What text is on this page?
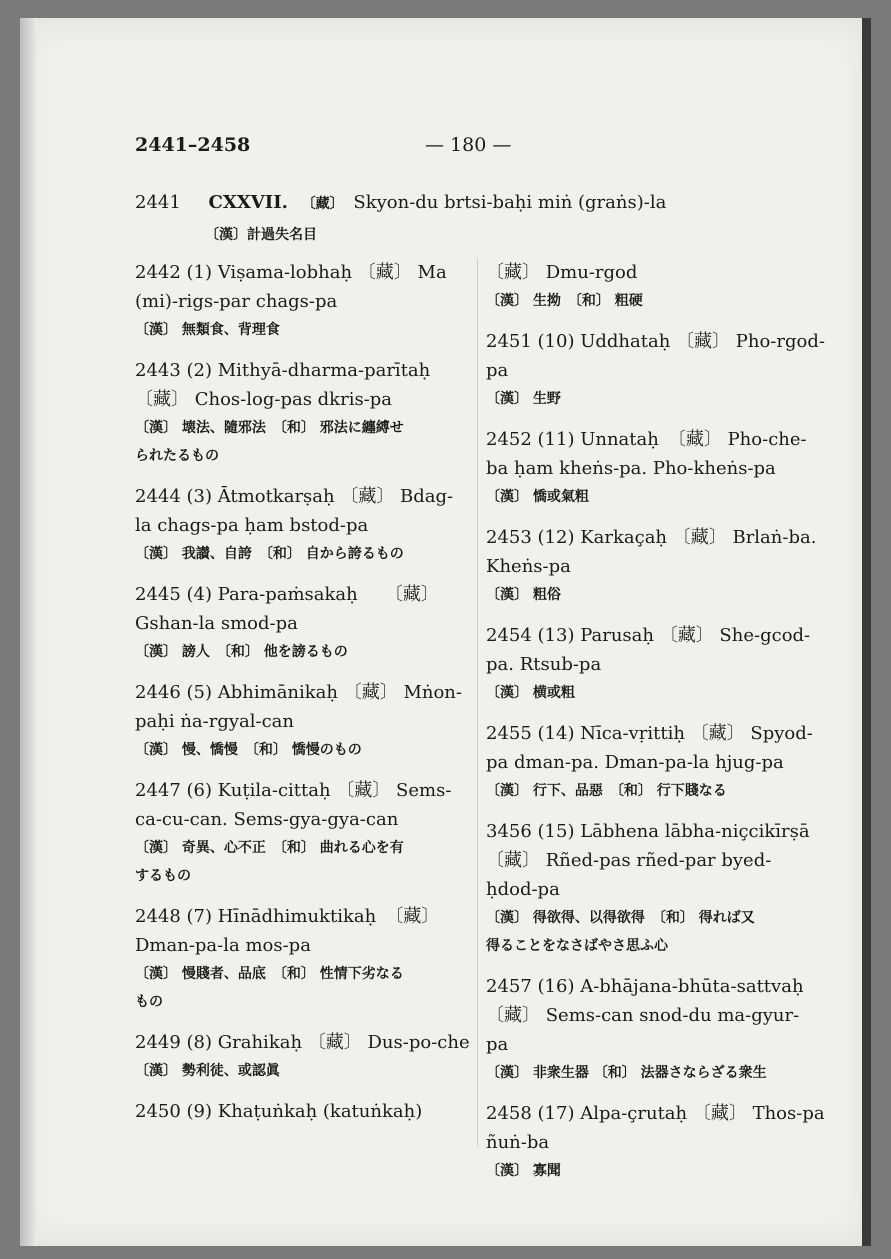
2441–2458	— 180 —
2441 CXXVII. 〔藏〕 Skyon-du brtsi-baḥi miṅ (graṅs)-la
〔漢〕計過失名目
2442 (1) Viṣama-lobhaḥ 〔藏〕 Ma
(mi)-rigs-par chags-pa
〔漢〕 無類食、背理食
2443 (2) Mithyā-dharma-parītaḥ
〔藏〕 Chos-log-pas dkris-pa
〔漢〕 壊法、隨邪法　〔和〕 邪法に纏縛せ
られたるもの
2444 (3) Ātmotkarṣaḥ 〔藏〕 Bdag-
la chags-pa ḥam bstod-pa
〔漢〕 我讃、自誇　〔和〕 自から誇るもの
2445 (4) Para-paṁsakaḥ　　〔藏〕
Gshan-la smod-pa
〔漢〕 謗人　〔和〕 他を謗るもの
2446 (5) Abhimānikaḥ 〔藏〕 Mṅon-
paḥi ṅa-rgyal-can
〔漢〕 慢、憍慢　〔和〕 憍慢のもの
2447 (6) Kuṭila-cittaḥ 〔藏〕 Sems-
ca-cu-can. Sems-gya-gya-can
〔漢〕 奇異、心不正　〔和〕 曲れる心を有
するもの
2448 (7) Hīnādhimuktikaḥ　〔藏〕
Dman-pa-la mos-pa
〔漢〕 慢賤者、品底　〔和〕 性情下劣なる
もの
2449 (8) Grahikaḥ 〔藏〕 Dus-po-che
〔漢〕 勢利徒、或認眞
2450 (9) Khaṭuṅkaḥ (katuṅkaḥ)
〔藏〕 Dmu-rgod
〔漢〕 生拗　〔和〕 粗硬
2451 (10) Uddhataḥ 〔藏〕 Pho-rgod-
pa
〔漢〕 生野
2452 (11) Unnataḥ　〔藏〕 Pho-che-
ba ḥam kheṅs-pa. Pho-kheṅs-pa
〔漢〕 憍或氣粗
2453 (12) Karkaçaḥ 〔藏〕 Brlaṅ-ba.
Kheṅs-pa
〔漢〕 粗俗
2454 (13) Parusaḥ 〔藏〕 She-gcod-
pa. Rtsub-pa
〔漢〕 横或粗
2455 (14) Nīca-vṛittiḥ 〔藏〕 Spyod-
pa dman-pa. Dman-pa-la hjug-pa
〔漢〕 行下、品惡　〔和〕 行下賤なる
3456 (15) Lābhena lābha-niçcikīrṣā
〔藏〕 Rñed-pas rñed-par byed-
ḥdod-pa
〔漢〕 得欲得、以得欲得　〔和〕 得れば又
得ることをなさばやさ思ふ心
2457 (16) A-bhājana-bhūta-sattvaḥ
〔藏〕 Sems-can snod-du ma-gyur-
pa
〔漢〕 非衆生器 〔和〕 法器さならざる衆生
2458 (17) Alpa-çrutaḥ 〔藏〕 Thos-pa
ñuṅ-ba
〔漢〕 寡聞
